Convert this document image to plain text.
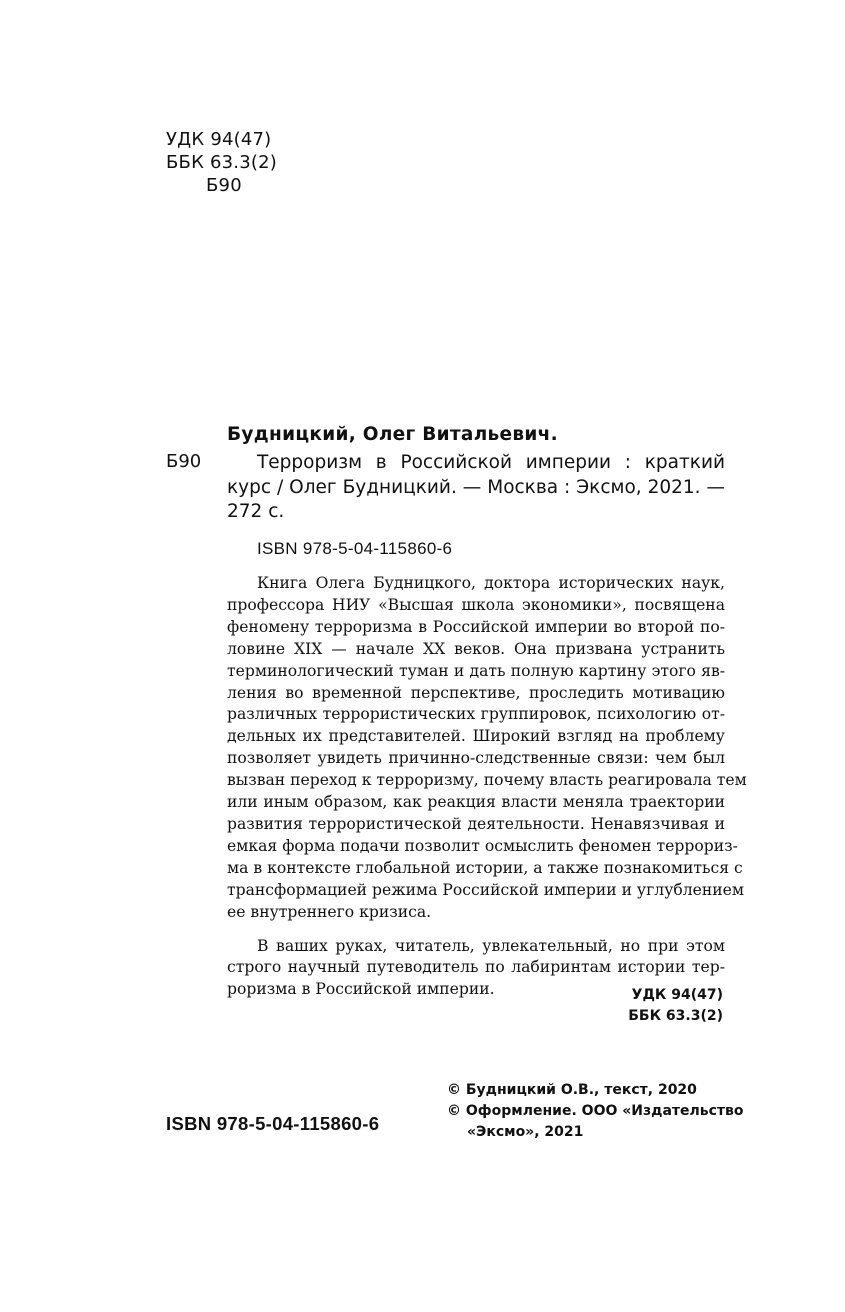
УДК 94(47)
ББК 63.3(2)
Б90
Будницкий, Олег Витальевич.
Б90	Терроризм в Российской империи : краткий
курс / Олег Будницкий. — Москва : Эксмо, 2021. —
272 с.
ISBN 978-5-04-115860-6
Книга Олега Будницкого, доктора исторических наук,
профессора НИУ «Высшая школа экономики», посвящена
феномену терроризма в Российской империи во второй по-
ловине XIX — начале XX веков. Она призвана устранить
терминологический туман и дать полную картину этого яв-
ления во временной перспективе, проследить мотивацию
различных террористических группировок, психологию от-
дельных их представителей. Широкий взгляд на проблему
позволяет увидеть причинно-следственные связи: чем был
вызван переход к терроризму, почему власть реагировала тем
или иным образом, как реакция власти меняла траектории
развития террористической деятельности. Ненавязчивая и
емкая форма подачи позволит осмыслить феномен террориз-
ма в контексте глобальной истории, а также познакомиться с
трансформацией режима Российской империи и углублением
ее внутреннего кризиса.
В ваших руках, читатель, увлекательный, но при этом
строго научный путеводитель по лабиринтам истории тер-
роризма в Российской империи.	УДК 94(47)
ББК 63.3(2)
ISBN 978-5-04-115860-6
© Будницкий О.В., текст, 2020
© Оформление. ООО «Издательство
«Эксмо», 2021
